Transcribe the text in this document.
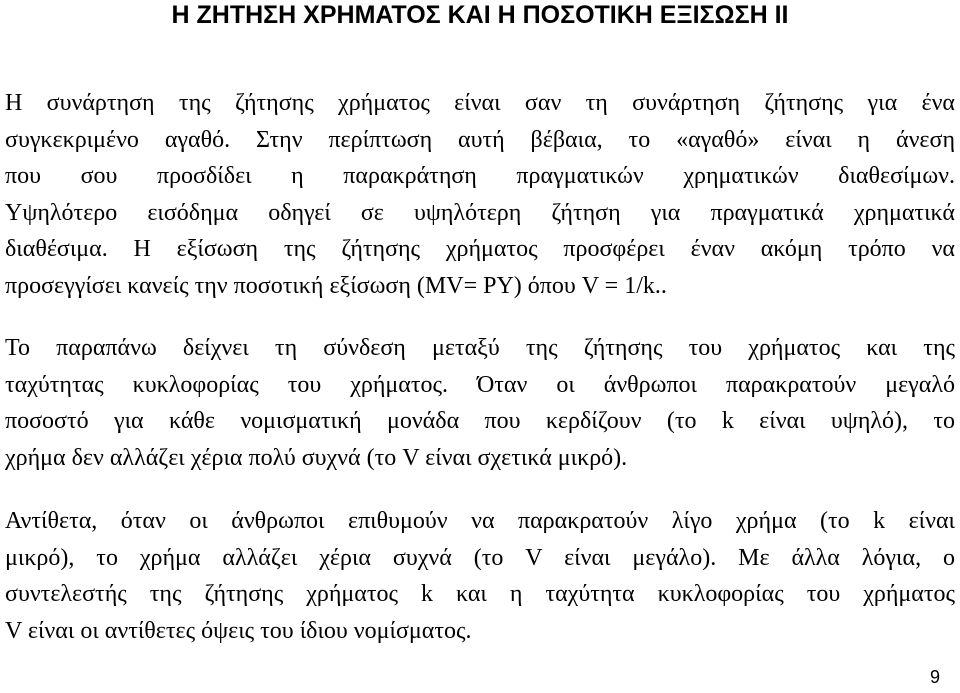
Η ΖΗΤΗΣΗ ΧΡΗΜΑΤΟΣ ΚΑΙ Η ΠΟΣΟΤΙΚΗ ΕΞΙΣΩΣΗ ΙΙ
Η συνάρτηση της ζήτησης χρήματος είναι σαν τη συνάρτηση ζήτησης για ένα
συγκεκριμένο αγαθό. Στην περίπτωση αυτή βέβαια, το «αγαθό» είναι η άνεση
που σου προσδίδει η παρακράτηση πραγματικών χρηματικών διαθεσίμων.
Υψηλότερο εισόδημα οδηγεί σε υψηλότερη ζήτηση για πραγματικά χρηματικά
διαθέσιμα. Η εξίσωση της ζήτησης χρήματος προσφέρει έναν ακόμη τρόπο να
προσεγγίσει κανείς την ποσοτική εξίσωση (MV= PY) όπου V = 1/k..
Το παραπάνω δείχνει τη σύνδεση μεταξύ της ζήτησης του χρήματος και της
ταχύτητας κυκλοφορίας του χρήματος. Όταν οι άνθρωποι παρακρατούν μεγαλό
ποσοστό για κάθε νομισματική μονάδα που κερδίζουν (το k είναι υψηλό), το
χρήμα δεν αλλάζει χέρια πολύ συχνά (το V είναι σχετικά μικρό).
Αντίθετα, όταν οι άνθρωποι επιθυμούν να παρακρατούν λίγο χρήμα (το k είναι
μικρό), το χρήμα αλλάζει χέρια συχνά (το V είναι μεγάλο). Με άλλα λόγια, ο
συντελεστής της ζήτησης χρήματος k και η ταχύτητα κυκλοφορίας του χρήματος
V είναι οι αντίθετες όψεις του ίδιου νομίσματος.
9
